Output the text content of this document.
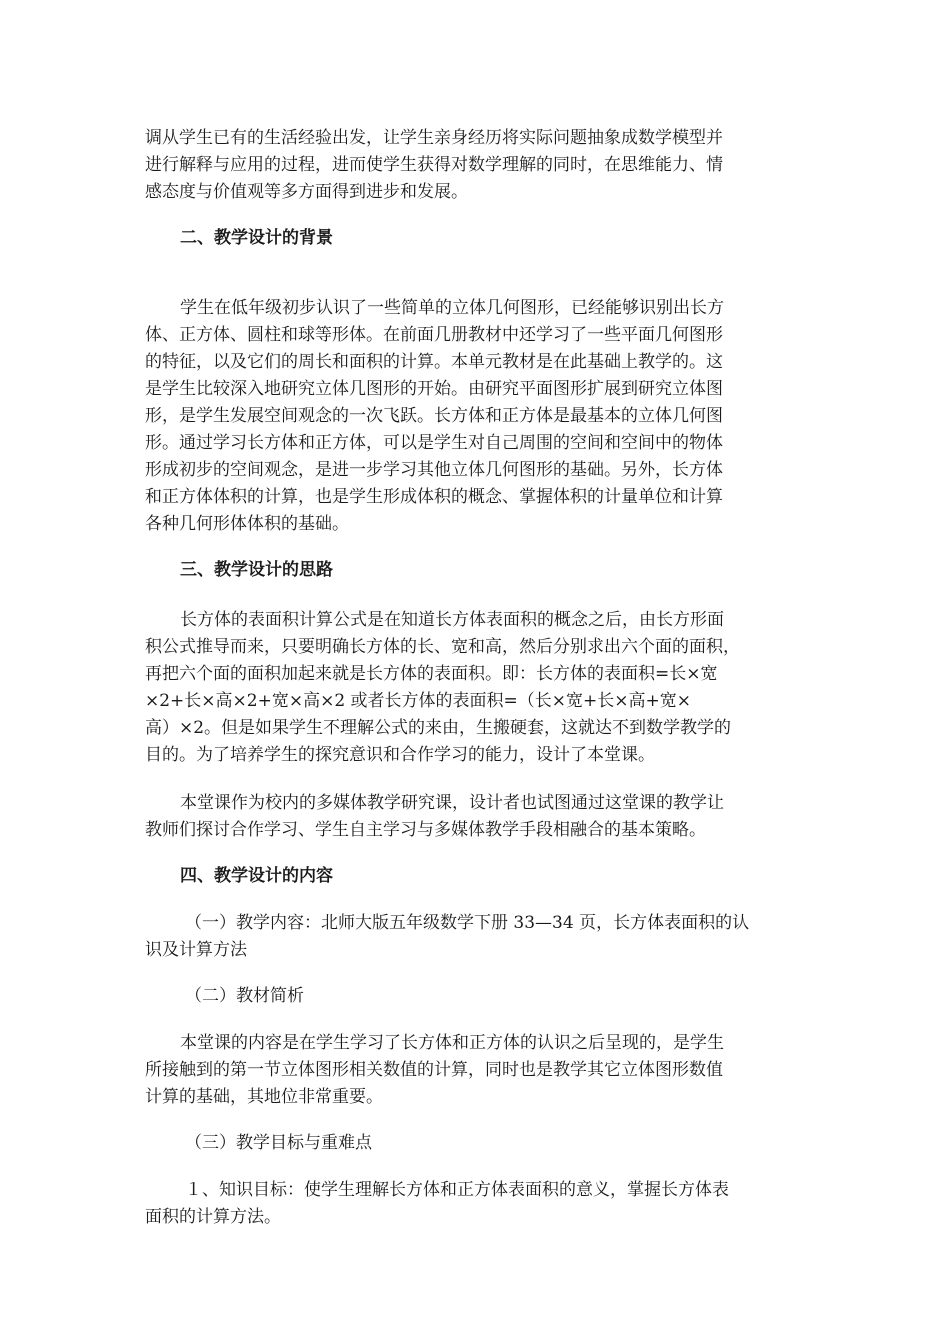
调从学生已有的生活经验出发，让学生亲身经历将实际问题抽象成数学模型并
进行解释与应用的过程，进而使学生获得对数学理解的同时，在思维能力、情
感态度与价值观等多方面得到进步和发展。
二、教学设计的背景
学生在低年级初步认识了一些简单的立体几何图形，已经能够识别出长方
体、正方体、圆柱和球等形体。在前面几册教材中还学习了一些平面几何图形
的特征，以及它们的周长和面积的计算。本单元教材是在此基础上教学的。这
是学生比较深入地研究立体几图形的开始。由研究平面图形扩展到研究立体图
形，是学生发展空间观念的一次飞跃。长方体和正方体是最基本的立体几何图
形。通过学习长方体和正方体，可以是学生对自己周围的空间和空间中的物体
形成初步的空间观念，是进一步学习其他立体几何图形的基础。另外，长方体
和正方体体积的计算，也是学生形成体积的概念、掌握体积的计量单位和计算
各种几何形体体积的基础。
三、教学设计的思路
长方体的表面积计算公式是在知道长方体表面积的概念之后，由长方形面
积公式推导而来，只要明确长方体的长、宽和高，然后分别求出六个面的面积，
再把六个面的面积加起来就是长方体的表面积。即：长方体的表面积=长×宽
×2+长×高×2+宽×高×2 或者长方体的表面积=（长×宽+长×高+宽×
高）×2。但是如果学生不理解公式的来由，生搬硬套，这就达不到数学教学的
目的。为了培养学生的探究意识和合作学习的能力，设计了本堂课。
本堂课作为校内的多媒体教学研究课，设计者也试图通过这堂课的教学让
教师们探讨合作学习、学生自主学习与多媒体教学手段相融合的基本策略。
四、教学设计的内容
（一）教学内容：北师大版五年级数学下册 33—34 页，长方体表面积的认
识及计算方法
（二）教材简析
本堂课的内容是在学生学习了长方体和正方体的认识之后呈现的，是学生
所接触到的第一节立体图形相关数值的计算，同时也是教学其它立体图形数值
计算的基础，其地位非常重要。
（三）教学目标与重难点
１、知识目标：使学生理解长方体和正方体表面积的意义，掌握长方体表
面积的计算方法。
